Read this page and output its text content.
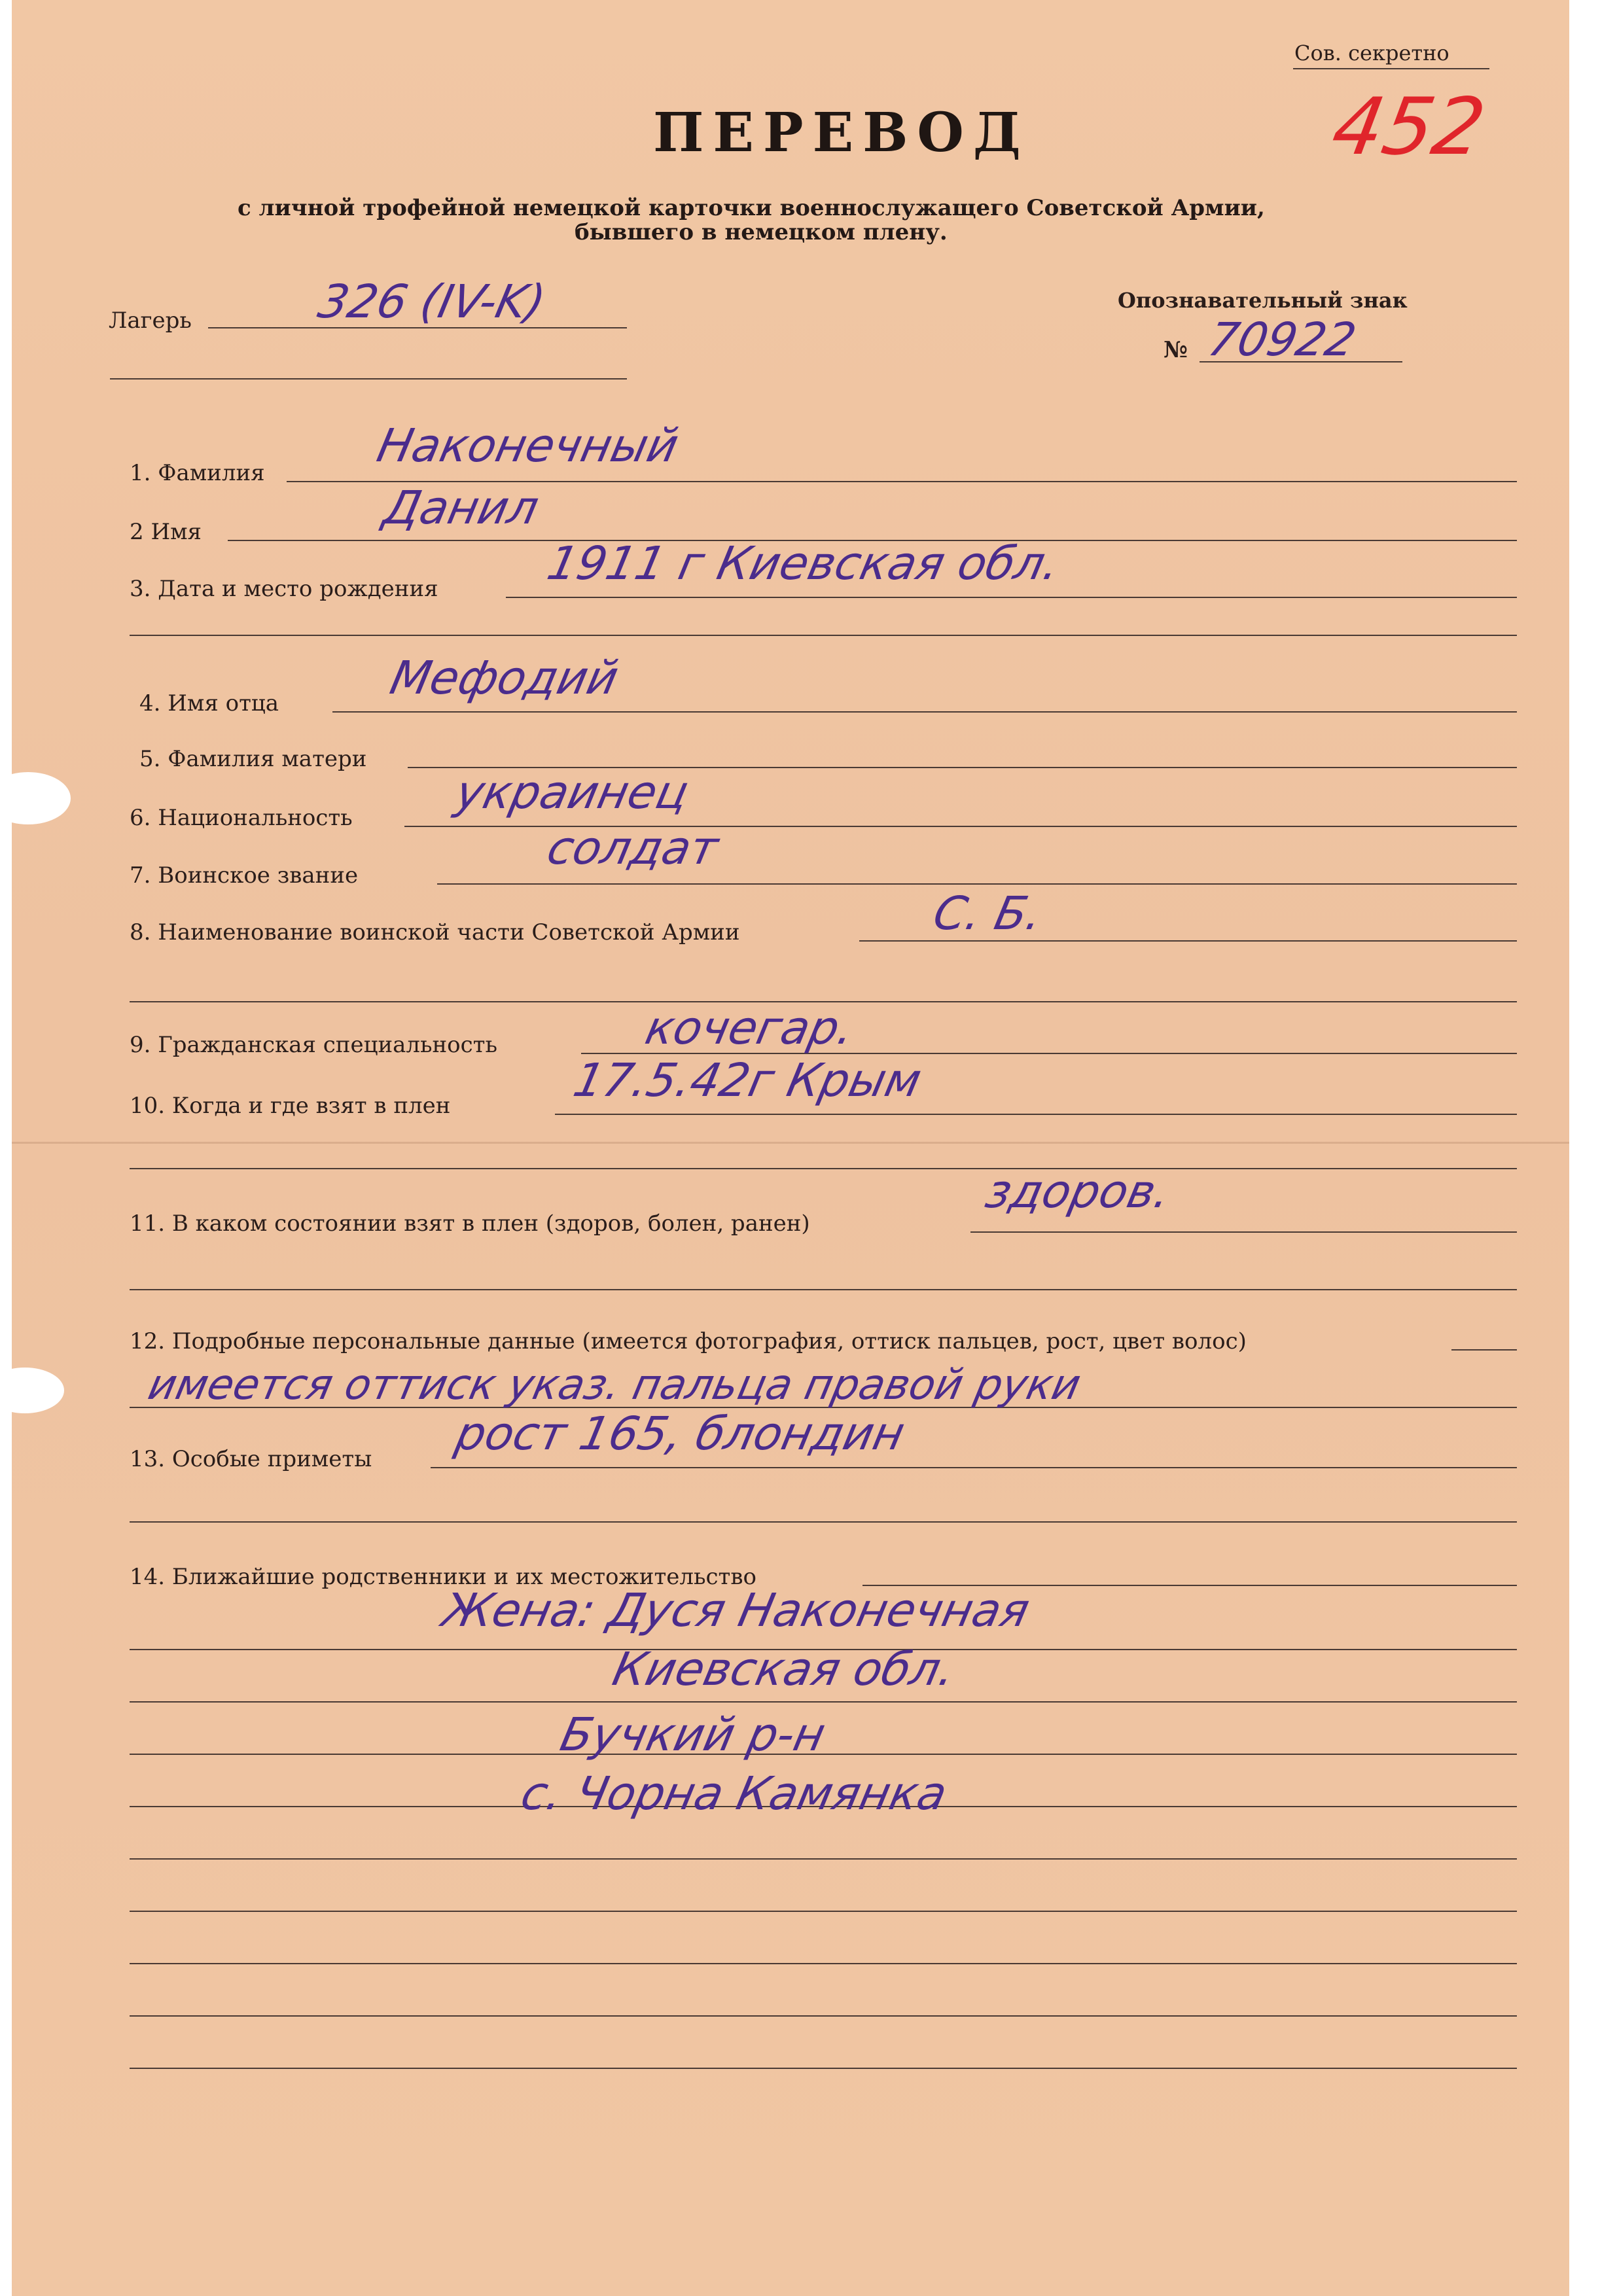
Сов. секретно
452
ПЕРЕВОД
с личной трофейной немецкой карточки военнослужащего Советской Армии,
бывшего в немецком плену.
Лагерь	326 (IV-K)	Опознавательный знак
№ 70922
1. Фамилия
Наконечный
2 Имя	Данил
3. Дата и место рождения 1911 г Киевская обл.
4. Имя отца Мефодий
5. Фамилия матери
6. Национальность украинец
7. Воинское звание
солдат
8. Наименование воинской части Советской Армии	С. Б.
9. Гражданская специальность	кочегар.
10. Когда и где взят в плен	17.5.42г Крым
11. В каком состоянии взят в плен (здоров, болен, ранен)
здоров.
12. Подробные персональные данные (имеется фотография, оттиск пальцев, рост, цвет волос)
имеется оттиск указ. пальца правой руки
13. Особые приметы рост 165, блондин
14. Ближайшие родственники и их местожительство
Жена: Дуся Наконечная
Киевская обл.
Бучкий р-н
с. Чорна Камянка
